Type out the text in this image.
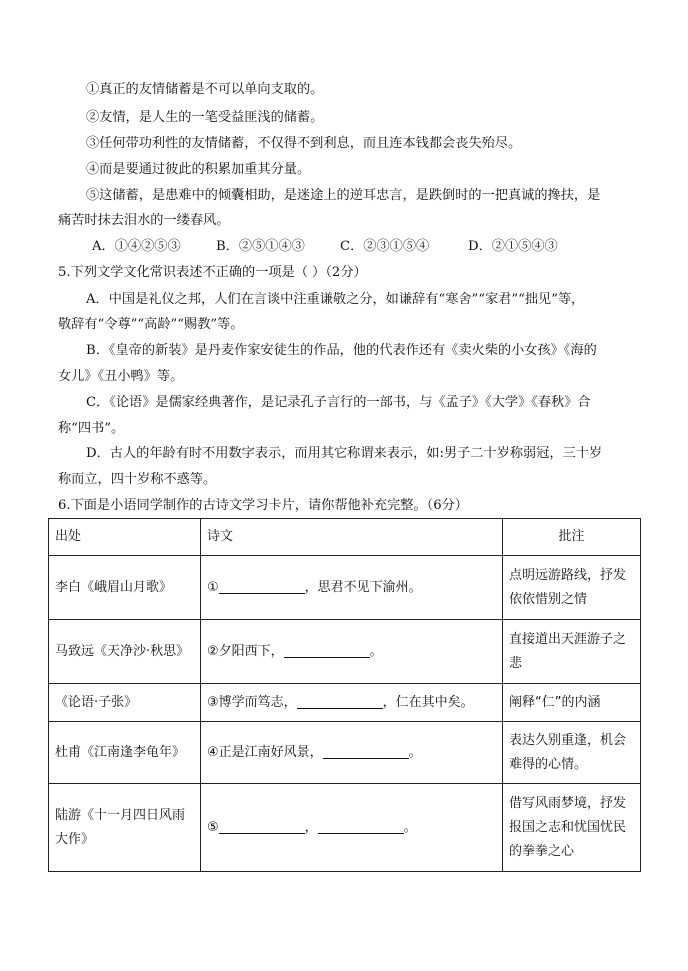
①真正的友情储蓄是不可以单向支取的。
②友情，是人生的一笔受益匪浅的储蓄。
③任何带功利性的友情储蓄，不仅得不到利息，而且连本钱都会丧失殆尽。
④而是要通过彼此的积累加重其分量。
⑤这储蓄，是患难中的倾囊相助，是迷途上的逆耳忠言，是跌倒时的一把真诚的搀扶，是
痛苦时抹去泪水的一缕春风。
A．①④②⑤③	B．②⑤①④③	C．②③①⑤④	D．②①⑤④③
5.下列文学文化常识表述不正确的一项是（ ）（2分）
A．中国是礼仪之邦，人们在言谈中注重谦敬之分，如谦辞有“寒舍”“家君”“拙见”等，
敬辞有“令尊”“高龄”“赐教”等。
B．《皇帝的新装》是丹麦作家安徒生的作品，他的代表作还有《卖火柴的小女孩》《海的
女儿》《丑小鸭》等。
C．《论语》是儒家经典著作，是记录孔子言行的一部书，与《孟子》《大学》《春秋》合
称“四书”。
D．古人的年龄有时不用数字表示，而用其它称谓来表示，如:男子二十岁称弱冠，三十岁
称而立，四十岁称不惑等。
6.下面是小语同学制作的古诗文学习卡片，请你帮他补充完整。（6分）
出处	诗文	批注
李白《峨眉山月歌》	① ，思君不见下渝州。	点明远游路线，抒发依依惜别之情
马致远《天净沙·秋思》	②夕阳西下， 。	直接道出天涯游子之悲
《论语·子张》	③博学而笃志， ，仁在其中矣。	阐释“仁”的内涵
杜甫《江南逢李龟年》	④正是江南好风景， 。	表达久别重逢，机会难得的心情。
陆游《十一月四日风雨大作》	⑤ ， 。	借写风雨梦境，抒发报国之志和忧国忧民的拳拳之心
